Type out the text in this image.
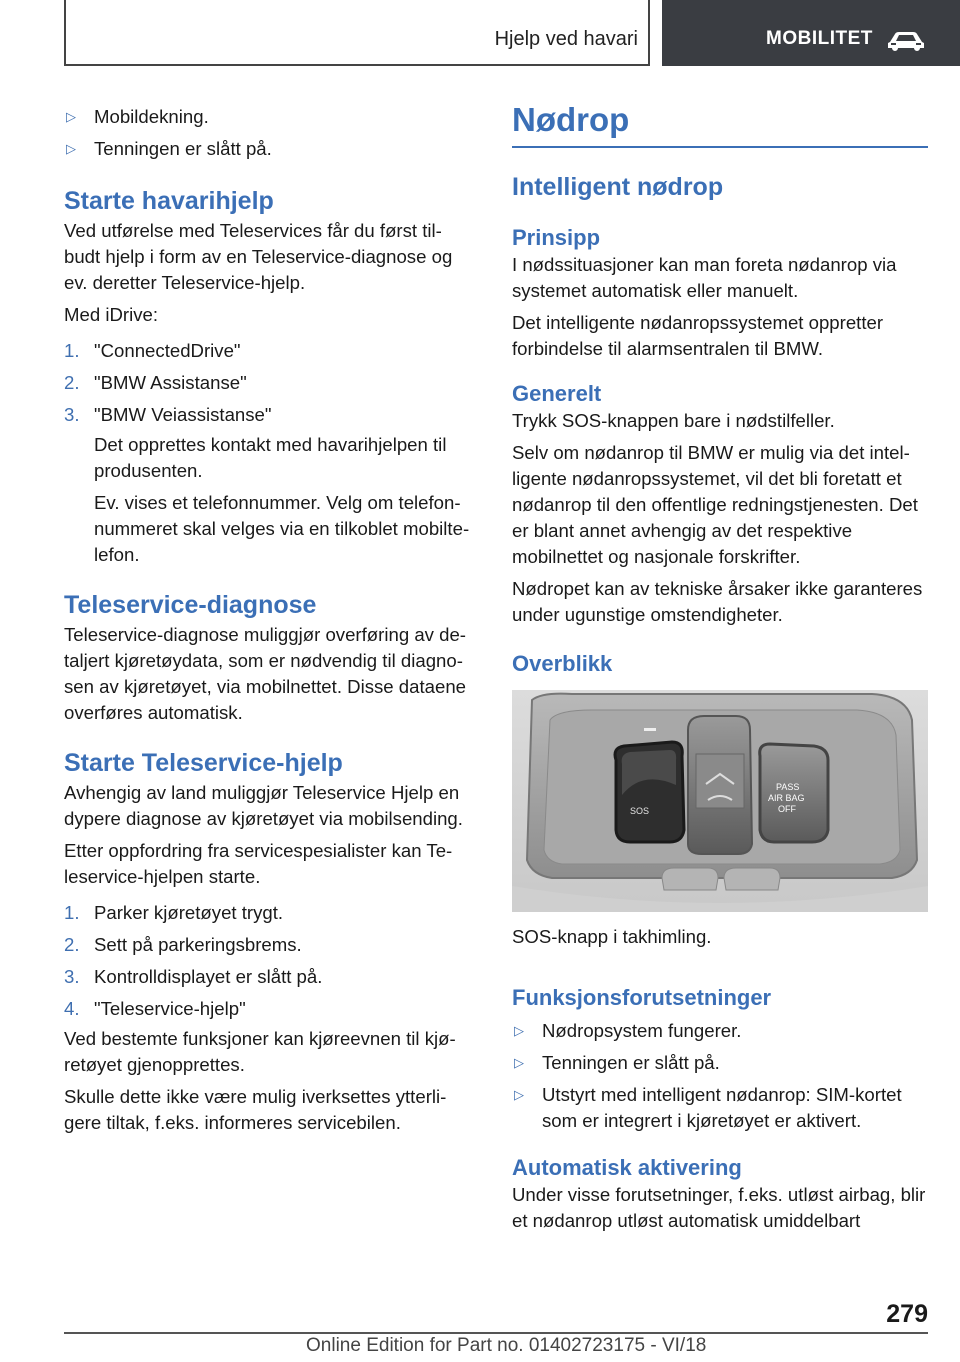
Hjelp ved havari	MOBILITET
▷ Mobildekning.
▷ Tenningen er slått på.
Starte havarihjelp

Ved utførelse med Teleservices får du først til-budt hjelp i form av en Teleservice-diagnose og ev. deretter Teleservice-hjelp.

Med iDrive:

1. "ConnectedDrive"
2. "BMW Assistanse"
3. "BMW Veiassistanse"

Det opprettes kontakt med havarihjelpen til produsenten.

Ev. vises et telefonnummer. Velg om telefon-nummeret skal velges via en tilkoblet mobilte-lefon.

Teleservice-diagnose

Teleservice-diagnose muliggjør overføring av de-taljert kjøretøydata, som er nødvendig til diagno-sen av kjøretøyet, via mobilnettet. Disse dataene overføres automatisk.

Starte Teleservice-hjelp

Avhengig av land muliggjør Teleservice Hjelp en dypere diagnose av kjøretøyet via mobilsending.

Etter oppfordring fra servicespesialister kan Te-leservice-hjelpen starte.

1. Parker kjøretøyet trygt.
2. Sett på parkeringsbrems.
3. Kontrolldisplayet er slått på.
4. "Teleservice-hjelp"

Ved bestemte funksjoner kan kjøreevnen til kjø-retøyet gjenopprettes.

Skulle dette ikke være mulig iverksettes ytterli-gere tiltak, f.eks. informeres servicebilen.

Nødrop
Intelligent nødrop
Prinsipp

I nødssituasjoner kan man foreta nødanrop via systemet automatisk eller manuelt.

Det intelligente nødanropssystemet oppretter forbindelse til alarmsentralen til BMW.

Generelt

Trykk SOS-knappen bare i nødstilfeller.

Selv om nødanrop til BMW er mulig via det intel-ligente nødanropssystemet, vil det bli foretatt et nødanrop til den offentlige redningstjenesten. Det er blant annet avhengig av det respektive mobilnettet og nasjonale forskrifter.

Nødropet kan av tekniske årsaker ikke garanteres under ugunstige omstendigheter.

Overblikk
SOS
PASS
AIR BAG
OFF

SOS-knapp i takhimling.

Funksjonsforutsetninger
▷ Nødropsystem fungerer.
▷ Tenningen er slått på.
▷ Utstyrt med intelligent nødanrop: SIM-kortet som er integrert i kjøretøyet er aktivert.
Automatisk aktivering

Under visse forutsetninger, f.eks. utløst airbag, blir et nødanrop utløst automatisk umiddelbart

279
Online Edition for Part no. 01402723175 - VI/18
